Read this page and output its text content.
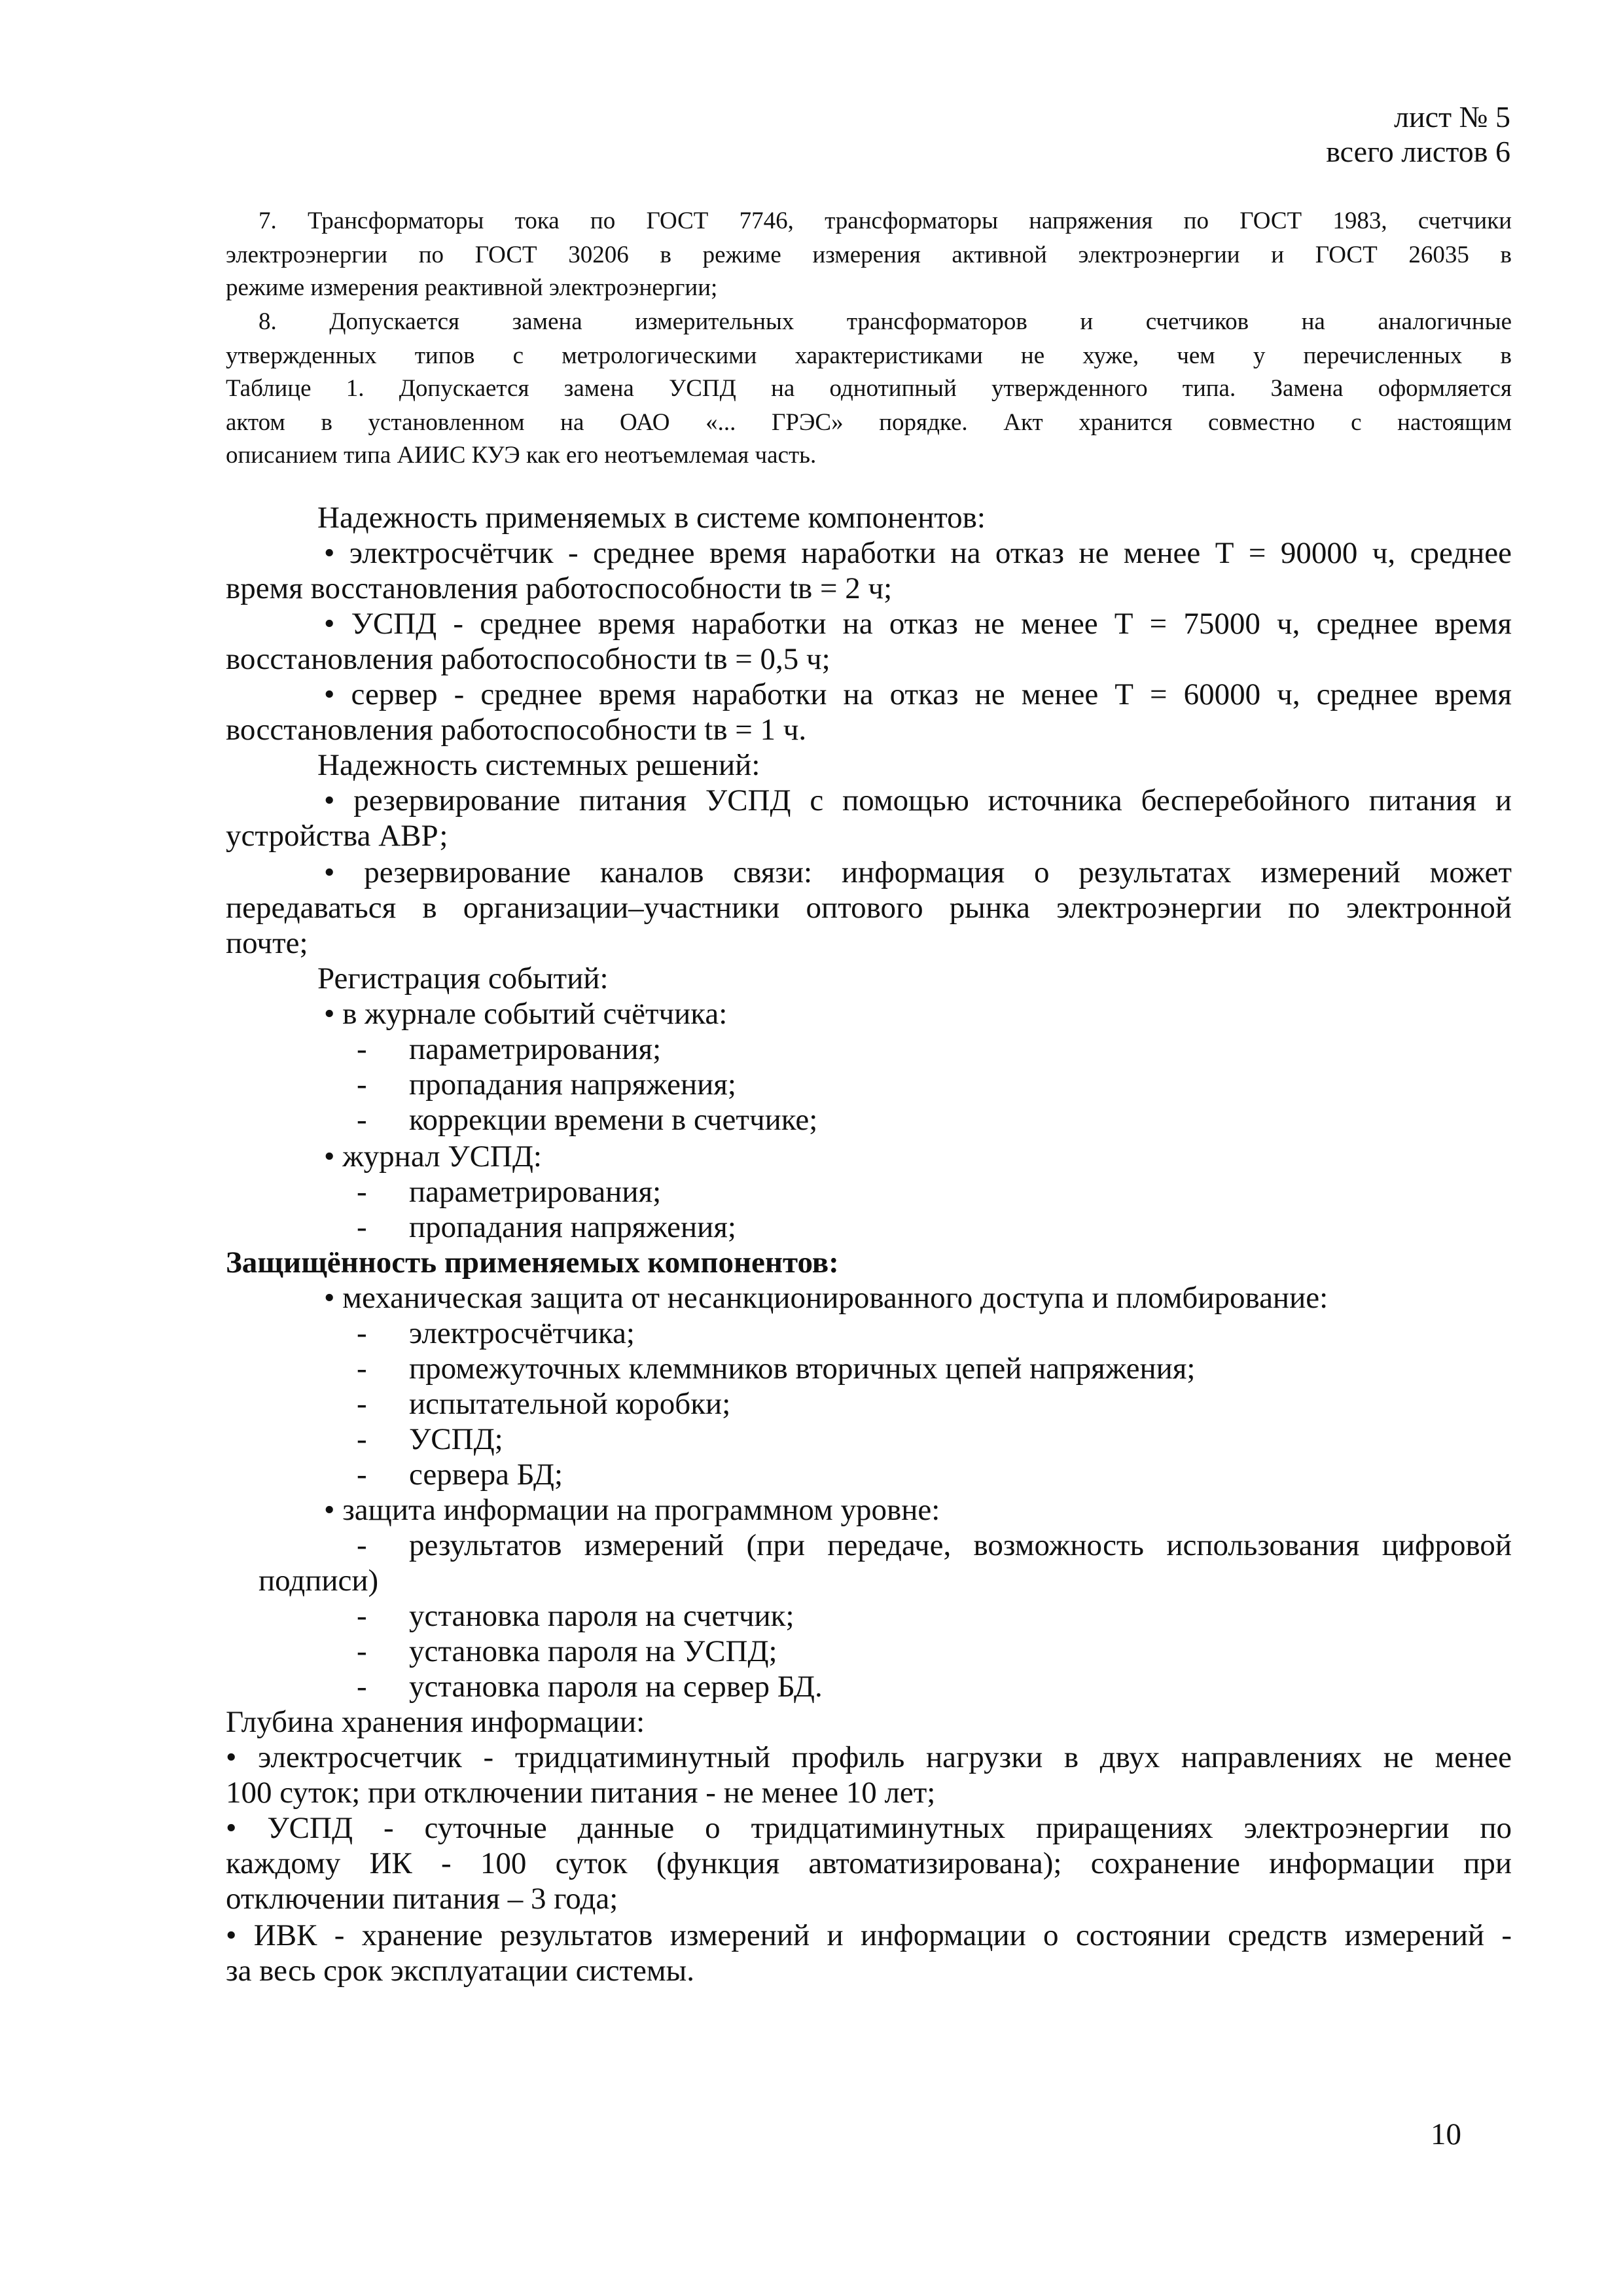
лист № 5
всего листов 6
7. Трансформаторы тока по ГОСТ 7746, трансформаторы напряжения по ГОСТ 1983, счетчики
электроэнергии по ГОСТ 30206 в режиме измерения активной электроэнергии и ГОСТ 26035 в
режиме измерения реактивной электроэнергии;
8. Допускается замена измерительных трансформаторов и счетчиков на аналогичные
утвержденных типов с метрологическими характеристиками не хуже, чем у перечисленных в
Таблице 1. Допускается замена УСПД на однотипный утвержденного типа. Замена оформляется
актом в установленном на ОАО «... ГРЭС» порядке. Акт хранится совместно с настоящим
описанием типа АИИС КУЭ как его неотъемлемая часть.
Надежность применяемых в системе компонентов:
• электросчётчик - среднее время наработки на отказ не менее Т = 90000 ч, среднее
время восстановления работоспособности tв = 2 ч;
• УСПД - среднее время наработки на отказ не менее Т = 75000 ч, среднее время
восстановления работоспособности tв = 0,5 ч;
• сервер - среднее время наработки на отказ не менее Т = 60000 ч, среднее время
восстановления работоспособности tв = 1 ч.
Надежность системных решений:
• резервирование питания УСПД с помощью источника бесперебойного питания и
устройства АВР;
• резервирование каналов связи: информация о результатах измерений может
передаваться в организации–участники оптового рынка электроэнергии по электронной
почте;
Регистрация событий:
• в журнале событий счётчика:
- параметрирования;
- пропадания напряжения;
- коррекции времени в счетчике;
• журнал УСПД:
- параметрирования;
- пропадания напряжения;
Защищённость применяемых компонентов:
• механическая защита от несанкционированного доступа и пломбирование:
- электросчётчика;
- промежуточных клеммников вторичных цепей напряжения;
- испытательной коробки;
- УСПД;
- сервера БД;
• защита информации на программном уровне:
- результатов измерений (при передаче, возможность использования цифровой
подписи)
- установка пароля на счетчик;
- установка пароля на УСПД;
- установка пароля на сервер БД.
Глубина хранения информации:
• электросчетчик - тридцатиминутный профиль нагрузки в двух направлениях не менее
100 суток; при отключении питания - не менее 10 лет;
• УСПД - суточные данные о тридцатиминутных приращениях электроэнергии по
каждому ИК - 100 суток (функция автоматизирована); сохранение информации при
отключении питания – 3 года;
• ИВК - хранение результатов измерений и информации о состоянии средств измерений -
за весь срок эксплуатации системы.
10
